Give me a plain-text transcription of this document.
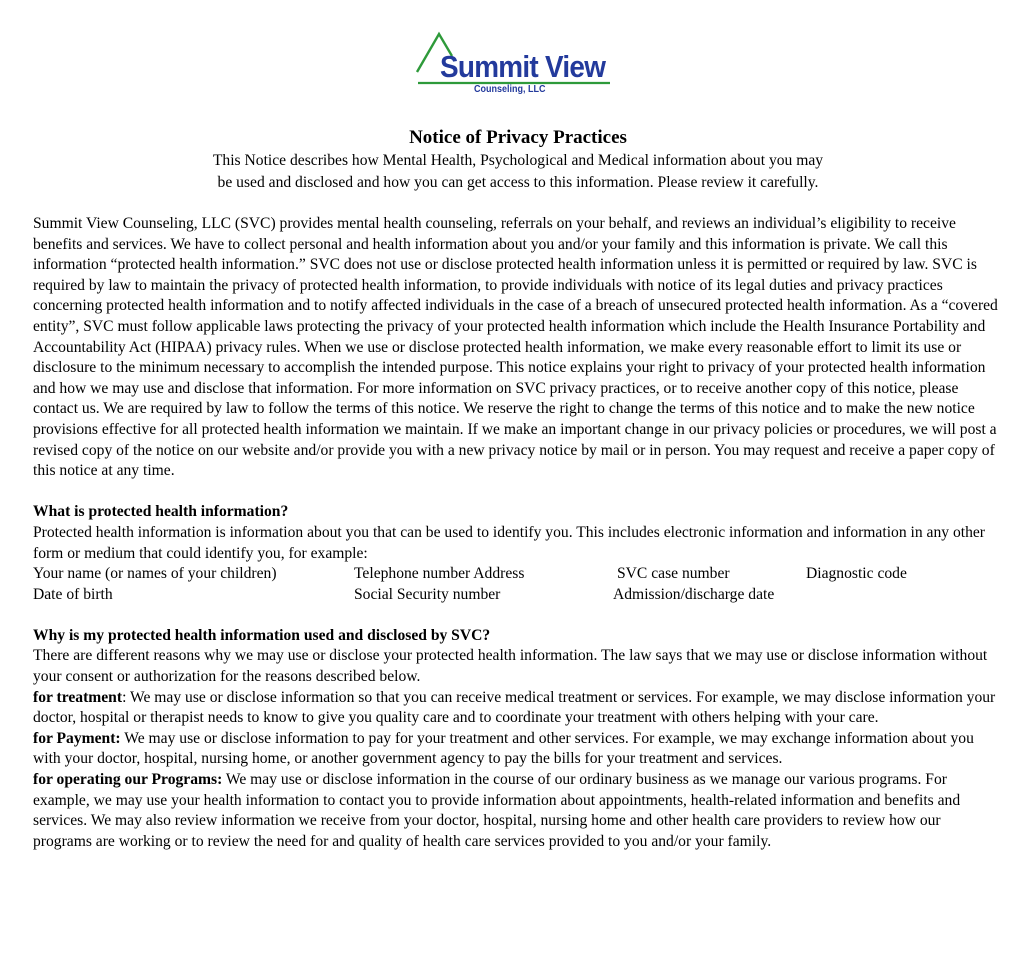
Summit View
Counseling, LLC
Notice of Privacy Practices
This Notice describes how Mental Health, Psychological and Medical information about you may
be used and disclosed and how you can get access to this information. Please review it carefully.

Summit View Counseling, LLC (SVC) provides mental health counseling, referrals on your behalf, and reviews an individual’s eligibility to receive benefits and services. We have to collect personal and health information about you and/or your family and this information is private. We call this information “protected health information.” SVC does not use or disclose protected health information unless it is permitted or required by law. SVC is required by law to maintain the privacy of protected health information, to provide individuals with notice of its legal duties and privacy practices concerning protected health information and to notify affected individuals in the case of a breach of unsecured protected health information. As a “covered entity”, SVC must follow applicable laws protecting the privacy of your protected health information which include the Health Insurance Portability and Accountability Act (HIPAA) privacy rules. When we use or disclose protected health information, we make every reasonable effort to limit its use or disclosure to the minimum necessary to accomplish the intended purpose. This notice explains your right to privacy of your protected health information and how we may use and disclose that information. For more information on SVC privacy practices, or to receive another copy of this notice, please contact us. We are required by law to follow the terms of this notice. We reserve the right to change the terms of this notice and to make the new notice provisions effective for all protected health information we maintain. If we make an important change in our privacy policies or procedures, we will post a revised copy of the notice on our website and/or provide you with a new privacy notice by mail or in person. You may request and receive a paper copy of this notice at any time.

What is protected health information?

Protected health information is information about you that can be used to identify you. This includes electronic information and information in any other form or medium that could identify you, for example:

Your name (or names of your children)	Telephone number Address	SVC case number	Diagnostic code
Date of birth	Social Security number	Admission/discharge date

Why is my protected health information used and disclosed by SVC?

There are different reasons why we may use or disclose your protected health information. The law says that we may use or disclose information without your consent or authorization for the reasons described below.

for treatment: We may use or disclose information so that you can receive medical treatment or services. For example, we may disclose information your doctor, hospital or therapist needs to know to give you quality care and to coordinate your treatment with others helping with your care.

for Payment: We may use or disclose information to pay for your treatment and other services. For example, we may exchange information about you with your doctor, hospital, nursing home, or another government agency to pay the bills for your treatment and services.

for operating our Programs: We may use or disclose information in the course of our ordinary business as we manage our various programs. For example, we may use your health information to contact you to provide information about appointments, health-related information and benefits and services. We may also review information we receive from your doctor, hospital, nursing home and other health care providers to review how our programs are working or to review the need for and quality of health care services provided to you and/or your family.
